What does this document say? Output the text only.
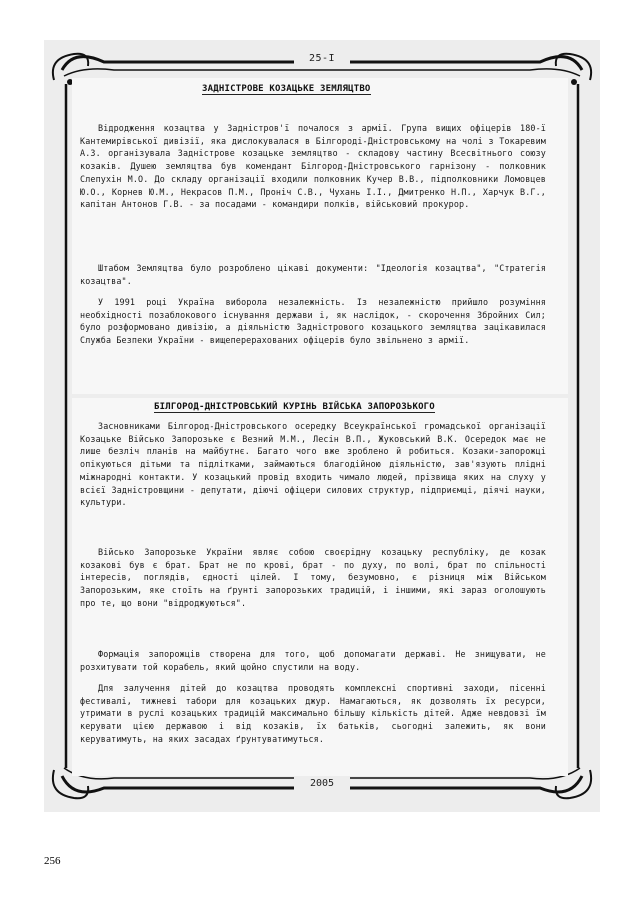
25-I
ЗАДНІСТРОВЕ КОЗАЦЬКЕ ЗЕМЛЯЦТВО
Відродження козацтва у Задністров'ї почалося з армії. Група вищих офіцерів 180-ї Кантемирівської дивізії, яка дислокувалася в Білгороді-Дністровському на чолі з Токаревим А.З. організувала Задністрове козацьке земляцтво - складову частину Всесвітнього союзу козаків. Душею земляцтва був комендант Білгород-Дністровського гарнізону - полковник Слепухін М.О. До складу організації входили полковник Кучер В.В., підполковники Ломовцев Ю.О., Корнев Ю.М., Некрасов П.М., Проніч С.В., Чухань І.І., Дмитренко Н.П., Харчук В.Г., капітан Антонов Г.В. - за посадами - командири полків, військовий прокурор.
Штабом Земляцтва було розроблено цікаві документи: "Ідеологія козацтва", "Стратегія козацтва".
У 1991 році Україна виборола незалежність. Із незалежністю прийшло розуміння необхідності позаблокового існування держави і, як наслідок, - скорочення Збройних Сил; було розформовано дивізію, а діяльністю Задністрового козацького земляцтва зацікавилася Служба Безпеки України - вищеперерахованих офіцерів було звільнено з армії.
БІЛГОРОД-ДНІСТРОВСЬКИЙ КУРІНЬ ВІЙСЬКА ЗАПОРОЗЬКОГО
Засновниками Білгород-Дністровського осередку Всеукраїнської громадської організації Козацьке Військо Запорозьке є Везний М.М., Лесін В.П., Жуковський В.К. Осередок має не лише безліч планів на майбутнє. Багато чого вже зроблено й робиться. Козаки-запорожці опікуються дітьми та підлітками, займаються благодійною діяльністю, зав'язують плідні міжнародні контакти. У козацький провід входить чимало людей, прізвища яких на слуху у всієї Задністровщини - депутати, діючі офіцери силових структур, підприємці, діячі науки, культури.
Військо Запорозьке України являє собою своєрідну козацьку республіку, де козак козакові був є брат. Брат не по крові, брат - по духу, по волі, брат по спільності інтересів, поглядів, єдності цілей. І тому, безумовно, є різниця між Військом Запорозьким, яке стоїть на ґрунті запорозьких традицій, і іншими, які зараз оголошують про те, що вони "відроджуються".
Формація запорожців створена для того, щоб допомагати державі. Не знищувати, не розхитувати той корабель, який щойно спустили на воду.
Для залучення дітей до козацтва проводять комплексні спортивні заходи, пісенні фестивалі, тижневі табори для козацьких джур. Намагаються, як дозволять їх ресурси, утримати в руслі козацьких традицій максимально більшу кількість дітей. Адже невдовзі їм керувати цією державою і від козаків, їх батьків, сьогодні залежить, як вони керуватимуть, на яких засадах ґрунтуватимуться.
2005
256
